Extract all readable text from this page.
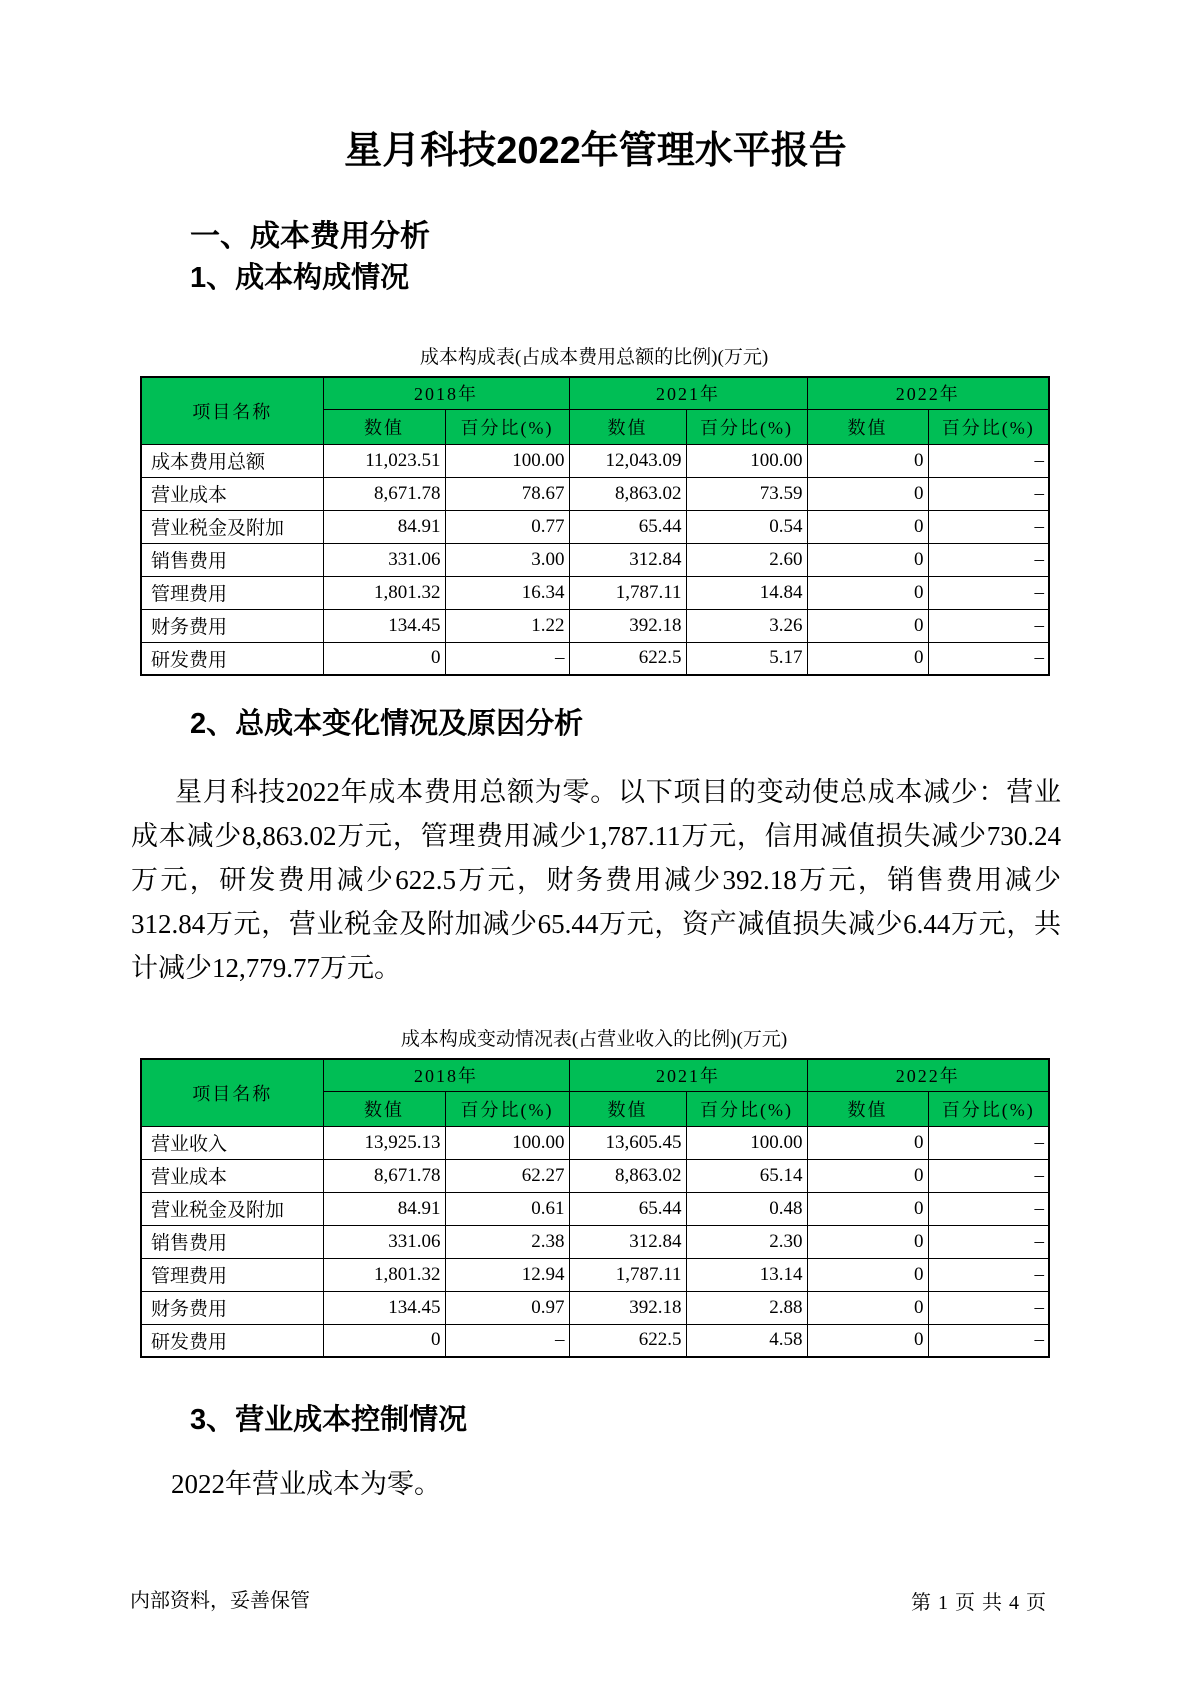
星月科技2022年管理水平报告
一、成本费用分析
1、成本构成情况
成本构成表(占成本费用总额的比例)(万元)
项目名称	2018年		2021年		2022年	
	数值	百分比(%)	数值	百分比(%)	数值	百分比(%)
成本费用总额	11,023.51	100.00	12,043.09	100.00	0	–
营业成本	8,671.78	78.67	8,863.02	73.59	0	–
营业税金及附加	84.91	0.77	65.44	0.54	0	–
销售费用	331.06	3.00	312.84	2.60	0	–
管理费用	1,801.32	16.34	1,787.11	14.84	0	–
财务费用	134.45	1.22	392.18	3.26	0	–
研发费用	0	–	622.5	5.17	0	–
2、总成本变化情况及原因分析
星月科技2022年成本费用总额为零。以下项目的变动使总成本减少：营业成本减少8,863.02万元，管理费用减少1,787.11万元，信用减值损失减少730.24万元，研发费用减少622.5万元，财务费用减少392.18万元，销售费用减少312.84万元，营业税金及附加减少65.44万元，资产减值损失减少6.44万元，共计减少12,779.77万元。
成本构成变动情况表(占营业收入的比例)(万元)
项目名称	2018年		2021年		2022年	
	数值	百分比(%)	数值	百分比(%)	数值	百分比(%)
营业收入	13,925.13	100.00	13,605.45	100.00	0	–
营业成本	8,671.78	62.27	8,863.02	65.14	0	–
营业税金及附加	84.91	0.61	65.44	0.48	0	–
销售费用	331.06	2.38	312.84	2.30	0	–
管理费用	1,801.32	12.94	1,787.11	13.14	0	–
财务费用	134.45	0.97	392.18	2.88	0	–
研发费用	0	–	622.5	4.58	0	–
3、营业成本控制情况
2022年营业成本为零。
内部资料，妥善保管	第 1 页 共 4 页
